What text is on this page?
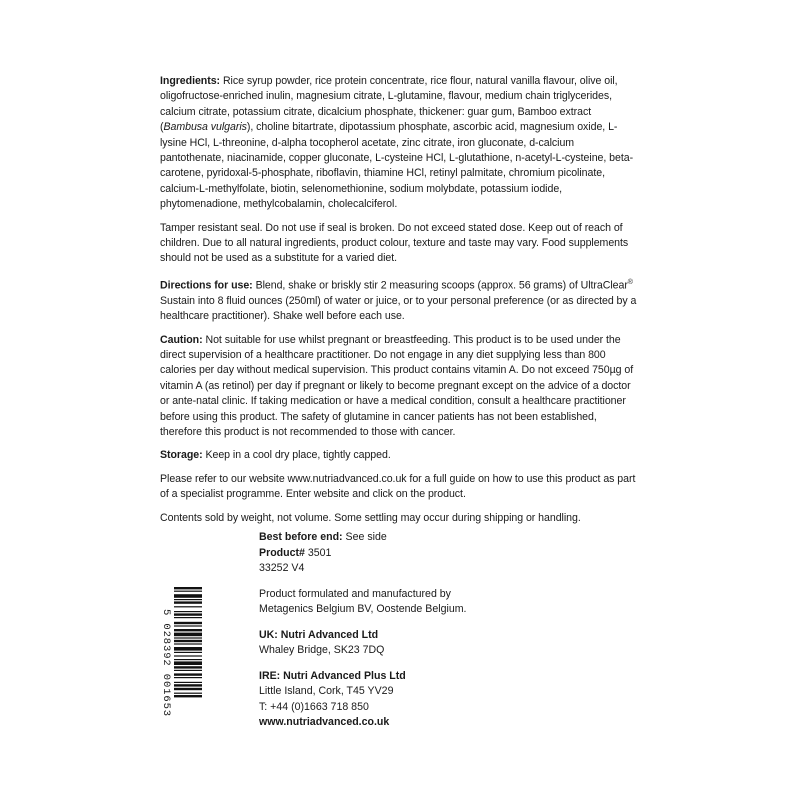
Ingredients: Rice syrup powder, rice protein concentrate, rice flour, natural vanilla flavour, olive oil, oligofructose-enriched inulin, magnesium citrate, L-glutamine, flavour, medium chain triglycerides, calcium citrate, potassium citrate, dicalcium phosphate, thickener: guar gum, Bamboo extract (Bambusa vulgaris), choline bitartrate, dipotassium phosphate, ascorbic acid, magnesium oxide, L-lysine HCl, L-threonine, d-alpha tocopherol acetate, zinc citrate, iron gluconate, d-calcium pantothenate, niacinamide, copper gluconate, L-cysteine HCl, L-glutathione, n-acetyl-L-cysteine, beta-carotene, pyridoxal-5-phosphate, riboflavin, thiamine HCl, retinyl palmitate, chromium picolinate, calcium-L-methylfolate, biotin, selenomethionine, sodium molybdate, potassium iodide, phytomenadione, methylcobalamin, cholecalciferol.

Tamper resistant seal. Do not use if seal is broken. Do not exceed stated dose. Keep out of reach of children. Due to all natural ingredients, product colour, texture and taste may vary. Food supplements should not be used as a substitute for a varied diet.

Directions for use: Blend, shake or briskly stir 2 measuring scoops (approx. 56 grams) of UltraClear® Sustain into 8 fluid ounces (250ml) of water or juice, or to your personal preference (or as directed by a healthcare practitioner). Shake well before each use.

Caution: Not suitable for use whilst pregnant or breastfeeding. This product is to be used under the direct supervision of a healthcare practitioner. Do not engage in any diet supplying less than 800 calories per day without medical supervision. This product contains vitamin A. Do not exceed 750µg of vitamin A (as retinol) per day if pregnant or likely to become pregnant except on the advice of a doctor or ante-natal clinic. If taking medication or have a medical condition, consult a healthcare practitioner before using this product. The safety of glutamine in cancer patients has not been established, therefore this product is not recommended to those with cancer.

Storage: Keep in a cool dry place, tightly capped.

Please refer to our website www.nutriadvanced.co.uk for a full guide on how to use this product as part of a specialist programme. Enter website and click on the product.

Contents sold by weight, not volume. Some settling may occur during shipping or handling.

5 028392 001653
Best before end: See side
Product# 3501
33252 V4
Product formulated and manufactured by
Metagenics Belgium BV, Oostende Belgium.
UK: Nutri Advanced Ltd
Whaley Bridge, SK23 7DQ
IRE: Nutri Advanced Plus Ltd
Little Island, Cork, T45 YV29
T: +44 (0)1663 718 850
www.nutriadvanced.co.uk
